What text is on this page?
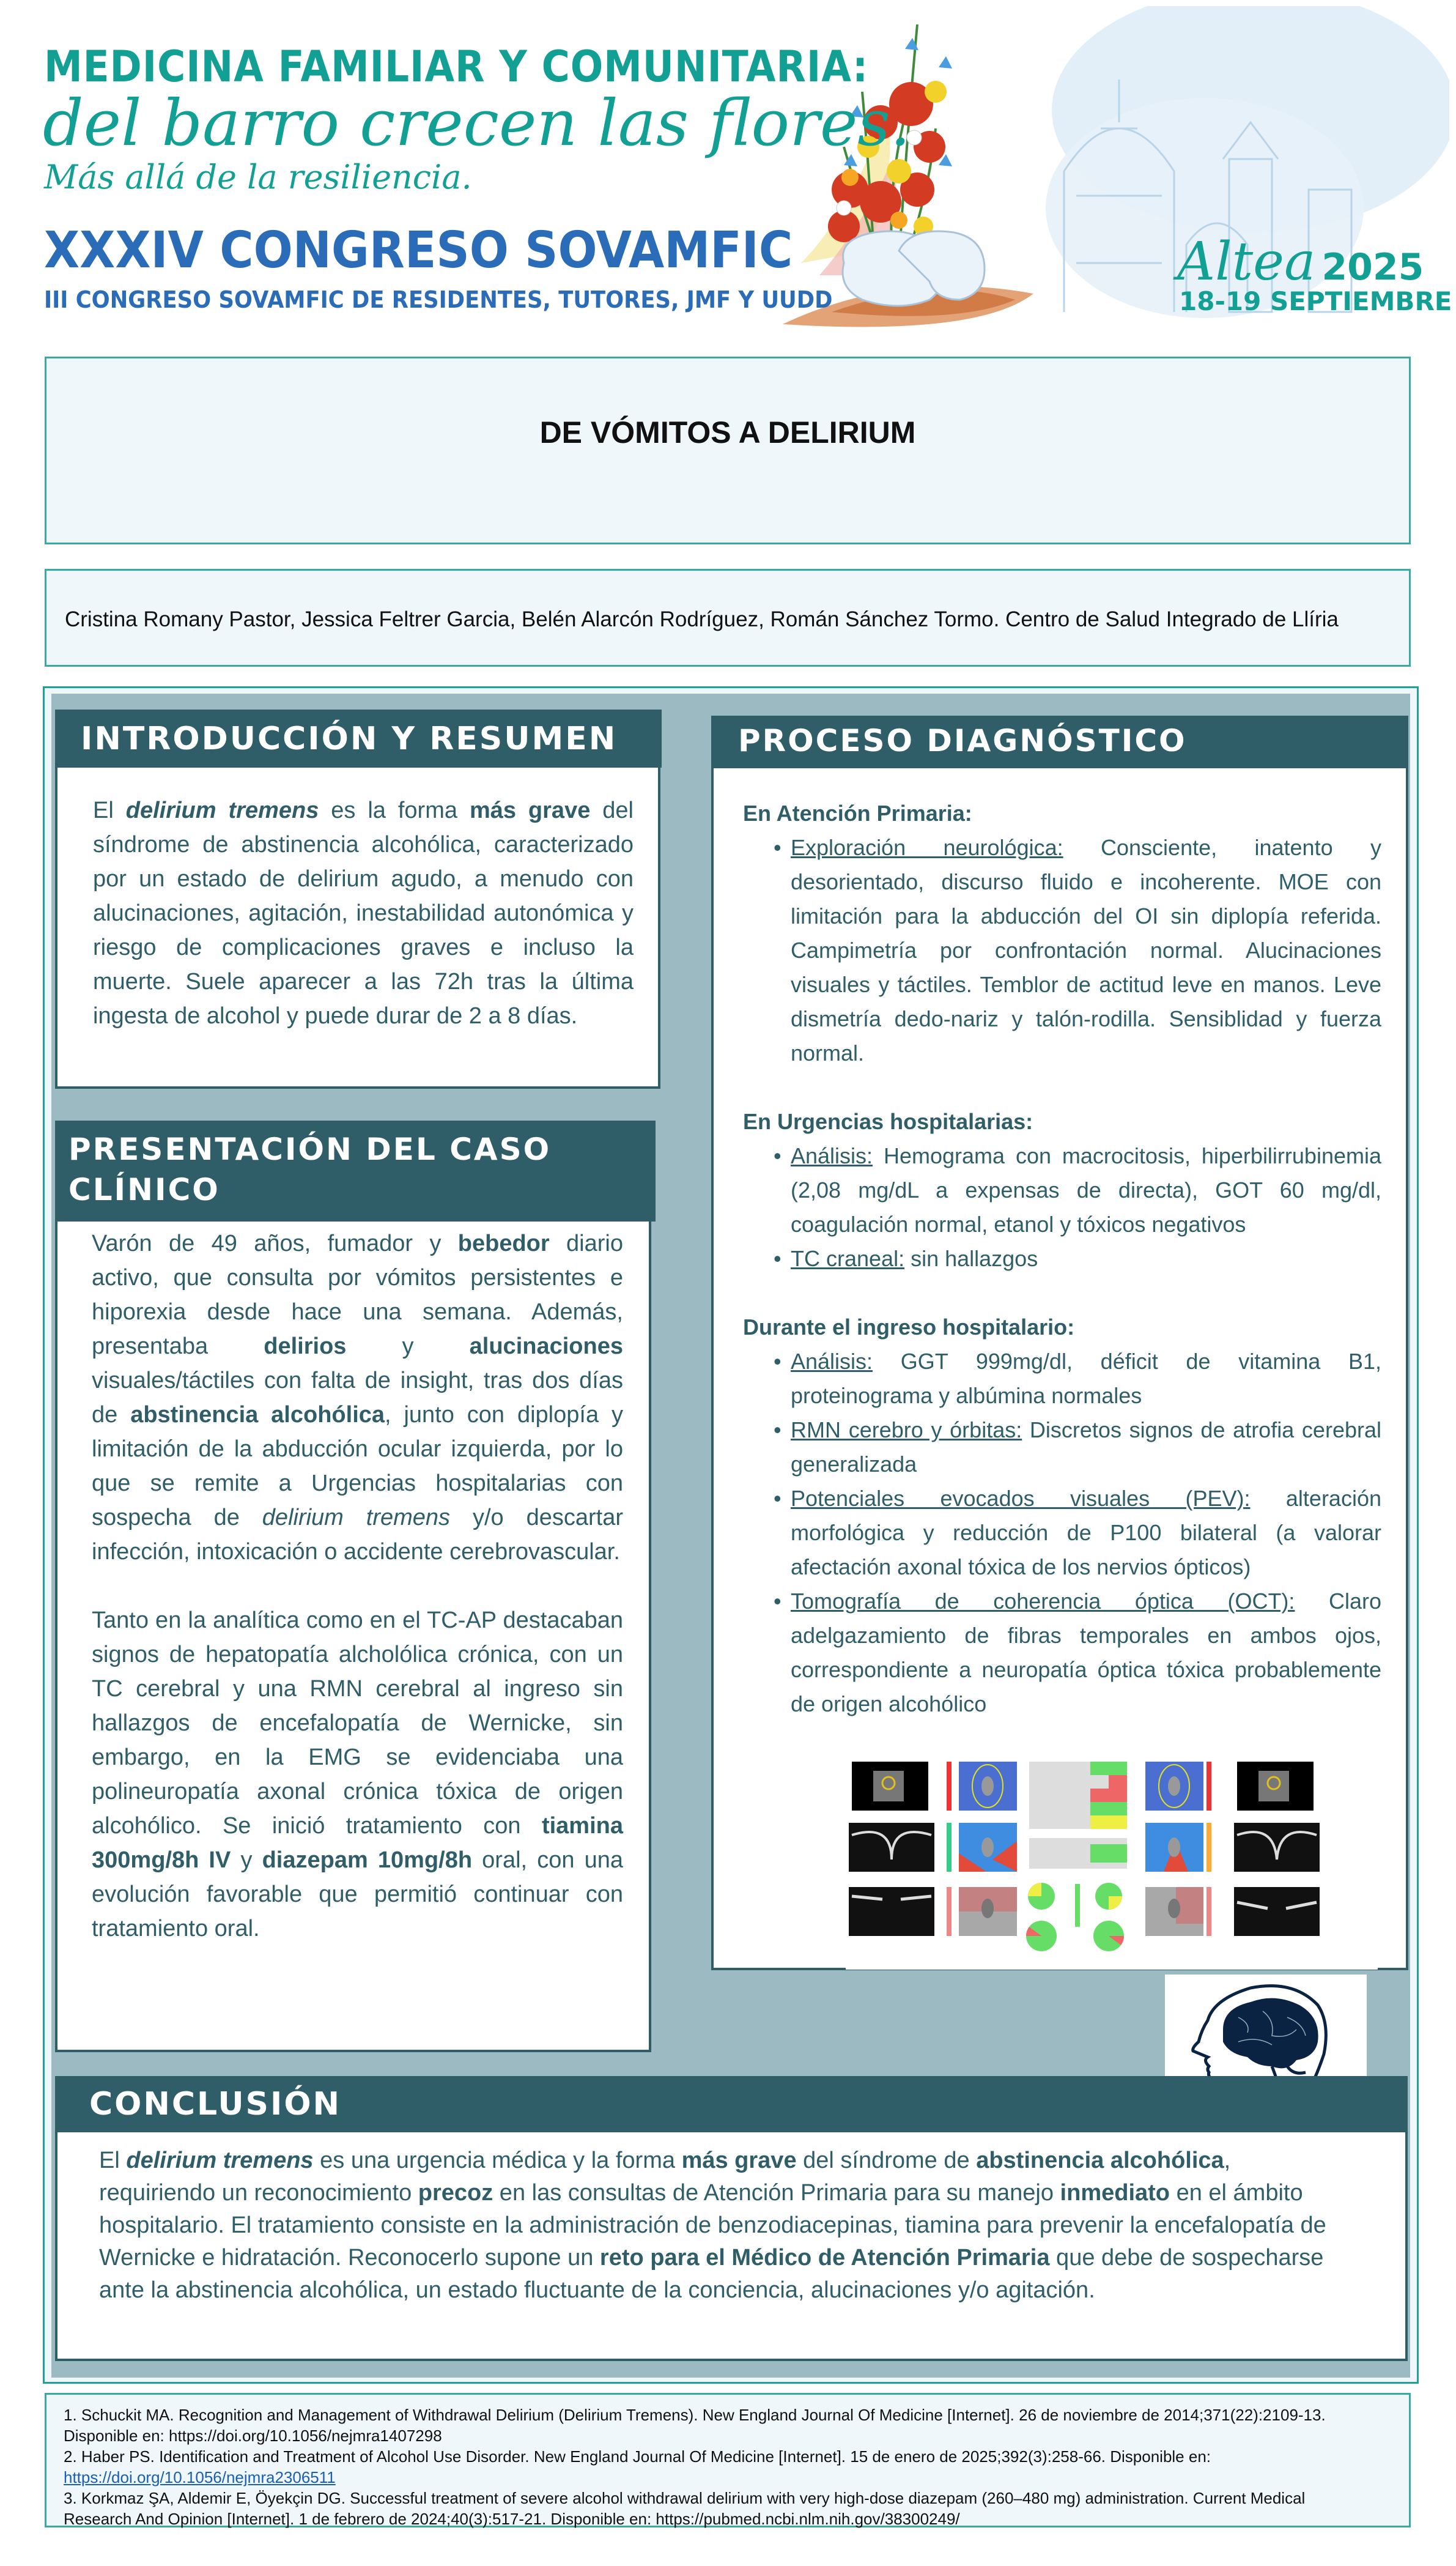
MEDICINA FAMILIAR Y COMUNITARIA:
del barro crecen las flores.
Más allá de la resiliencia.
XXXIV CONGRESO SOVAMFIC
III CONGRESO SOVAMFIC DE RESIDENTES, TUTORES, JMF Y UUDD
Altea 2025
18-19 SEPTIEMBRE
DE VÓMITOS A DELIRIUM
Cristina Romany Pastor, Jessica Feltrer Garcia, Belén Alarcón Rodríguez, Román Sánchez Tormo. Centro de Salud Integrado de Llíria
INTRODUCCIÓN Y RESUMEN

El delirium tremens es la forma más grave del síndrome de abstinencia alcohólica, caracterizado por un estado de delirium agudo, a menudo con alucinaciones, agitación, inestabilidad autonómica y riesgo de complicaciones graves e incluso la muerte. Suele aparecer a las 72h tras la última ingesta de alcohol y puede durar de 2 a 8 días.

PRESENTACIÓN DEL CASO CLÍNICO

Varón de 49 años, fumador y bebedor diario activo, que consulta por vómitos persistentes e hiporexia desde hace una semana. Además, presentaba delirios y alucinaciones visuales/táctiles con falta de insight, tras dos días de abstinencia alcohólica, junto con diplopía y limitación de la abducción ocular izquierda, por lo que se remite a Urgencias hospitalarias con sospecha de delirium tremens y/o descartar infección, intoxicación o accidente cerebrovascular.

Tanto en la analítica como en el TC-AP destacaban signos de hepatopatía alcholólica crónica, con un TC cerebral y una RMN cerebral al ingreso sin hallazgos de encefalopatía de Wernicke, sin embargo, en la EMG se evidenciaba una polineuropatía axonal crónica tóxica de origen alcohólico. Se inició tratamiento con tiamina 300mg/8h IV y diazepam 10mg/8h oral, con una evolución favorable que permitió continuar con tratamiento oral.

PROCESO DIAGNÓSTICO

En Atención Primaria:

• Exploración neurológica: Consciente, inatento y desorientado, discurso fluido e incoherente. MOE con limitación para la abducción del OI sin diplopía referida. Campimetría por confrontación normal. Alucinaciones visuales y táctiles. Temblor de actitud leve en manos. Leve dismetría dedo-nariz y talón-rodilla. Sensiblidad y fuerza normal.

En Urgencias hospitalarias:

• Análisis: Hemograma con macrocitosis, hiperbilirrubinemia (2,08 mg/dL a expensas de directa), GOT 60 mg/dl, coagulación normal, etanol y tóxicos negativos
• TC craneal: sin hallazgos

Durante el ingreso hospitalario:

• Análisis: GGT 999mg/dl, déficit de vitamina B1, proteinograma y albúmina normales
• RMN cerebro y órbitas: Discretos signos de atrofia cerebral generalizada
• Potenciales evocados visuales (PEV): alteración morfológica y reducción de P100 bilateral (a valorar afectación axonal tóxica de los nervios ópticos)
• Tomografía de coherencia óptica (OCT): Claro adelgazamiento de fibras temporales en ambos ojos, correspondiente a neuropatía óptica tóxica probablemente de origen alcohólico
CONCLUSIÓN

El delirium tremens es una urgencia médica y la forma más grave del síndrome de abstinencia alcohólica, requiriendo un reconocimiento precoz en las consultas de Atención Primaria para su manejo inmediato en el ámbito hospitalario. El tratamiento consiste en la administración de benzodiacepinas, tiamina para prevenir la encefalopatía de Wernicke e hidratación. Reconocerlo supone un reto para el Médico de Atención Primaria que debe de sospecharse ante la abstinencia alcohólica, un estado fluctuante de la conciencia, alucinaciones y/o agitación.

1. Schuckit MA. Recognition and Management of Withdrawal Delirium (Delirium Tremens). New England Journal Of Medicine [Internet]. 26 de noviembre de 2014;371(22):2109-13. Disponible en: https://doi.org/10.1056/nejmra1407298
2. Haber PS. Identification and Treatment of Alcohol Use Disorder. New England Journal Of Medicine [Internet]. 15 de enero de 2025;392(3):258-66. Disponible en: https://doi.org/10.1056/nejmra2306511
3. Korkmaz ŞA, Aldemir E, Öyekçin DG. Successful treatment of severe alcohol withdrawal delirium with very high-dose diazepam (260–480 mg) administration. Current Medical Research And Opinion [Internet]. 1 de febrero de 2024;40(3):517-21. Disponible en: https://pubmed.ncbi.nlm.nih.gov/38300249/
